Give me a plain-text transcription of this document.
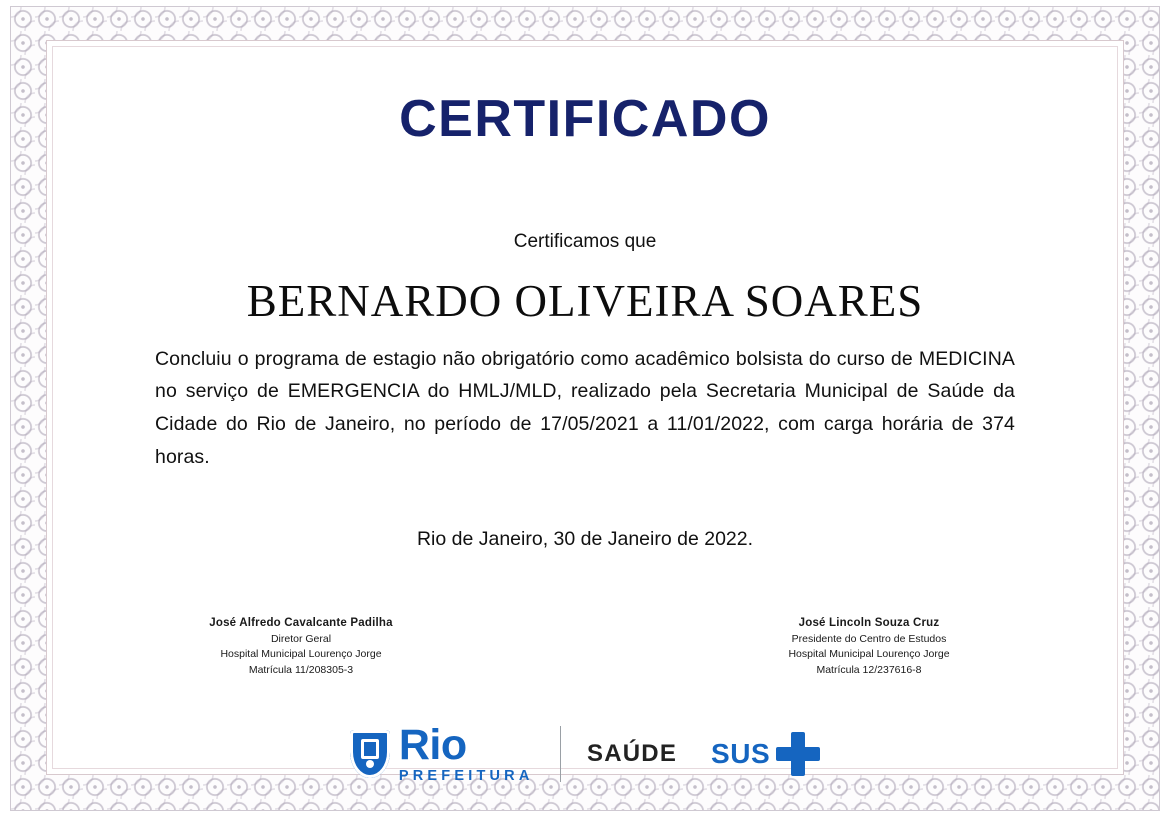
CERTIFICADO
Certificamos que
BERNARDO OLIVEIRA SOARES
Concluiu o programa de estagio não obrigatório como acadêmico bolsista do curso de MEDICINA no serviço de EMERGENCIA do HMLJ/MLD, realizado pela Secretaria Municipal de Saúde da Cidade do Rio de Janeiro, no período de 17/05/2021 a 11/01/2022, com carga horária de 374 horas.
Rio de Janeiro, 30 de Janeiro de 2022.
José Alfredo Cavalcante Padilha
Diretor Geral
Hospital Municipal Lourenço Jorge
Matrícula 11/208305-3
José Lincoln Souza Cruz
Presidente do Centro de Estudos
Hospital Municipal Lourenço Jorge
Matrícula 12/237616-8
Rio
PREFEITURA
SAÚDE SUS
